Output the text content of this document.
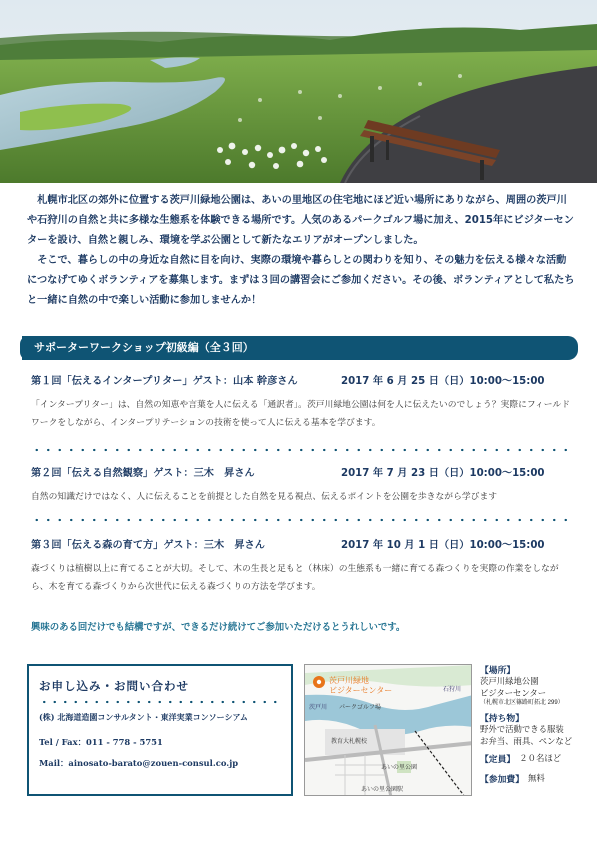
札幌市北区の郊外に位置する茨戸川緑地公園は、あいの里地区の住宅地にほど近い場所にありながら、周囲の茨戸川や石狩川の自然と共に多様な生態系を体験できる場所です。人気のあるパークゴルフ場に加え、2015年にビジターセンターを設け、自然と親しみ、環境を学ぶ公園として新たなエリアがオープンしました。

そこで、暮らしの中の身近な自然に目を向け、実際の環境や暮らしとの関わりを知り、その魅力を伝える様々な活動につなげてゆくボランティアを募集します。まずは３回の講習会にご参加ください。その後、ボランティアとして私たちと一緒に自然の中で楽しい活動に参加しませんか！

サポーターワークショップ初級編（全３回）
第１回「伝えるインタープリター」ゲスト：山本 幹彦さん	2017 年 6 月 25 日（日）10:00～15:00
「インタープリター」は、自然の知恵や言葉を人に伝える「通訳者」。茨戸川緑地公園は何を人に伝えたいのでしょう？実際にフィールドワークをしながら、インタープリテーションの技術を使って人に伝える基本を学びます。
第２回「伝える自然観察」ゲスト：三木　昇さん	2017 年 7 月 23 日（日）10:00～15:00
自然の知識だけではなく、人に伝えることを前提とした自然を見る視点、伝えるポイントを公園を歩きながら学びます
第３回「伝える森の育て方」ゲスト：三木　昇さん	2017 年 10 月 1 日（日）10:00～15:00
森づくりは植樹以上に育てることが大切。そして、木の生長と足もと（林床）の生態系も一緒に育てる森つくりを実際の作業をしながら、木を育てる森づくりから次世代に伝える森づくりの方法を学びます。
興味のある回だけでも結構ですが、できるだけ続けてご参加いただけるとうれしいです。
お申し込み・お問い合わせ
(株) 北海道造園コンサルタント・東洋実業コンソーシアム
Tel / Fax：011 - 778 - 5751
Mail：ainosato-barato@zouen-consul.co.jp
茨戸川緑地
ビジターセンター
茨戸川 パークゴルフ場
石狩川
教育大札幌校
あいの里公園
あいの里公園駅
【場所】
茨戸川緑地公園
ビジターセンター
（札幌市北区篠路町拓北 299）
【持ち物】
野外で活動できる服装
お弁当、雨具、ペンなど
【定員】 ２０名ほど
【参加費】 無料
